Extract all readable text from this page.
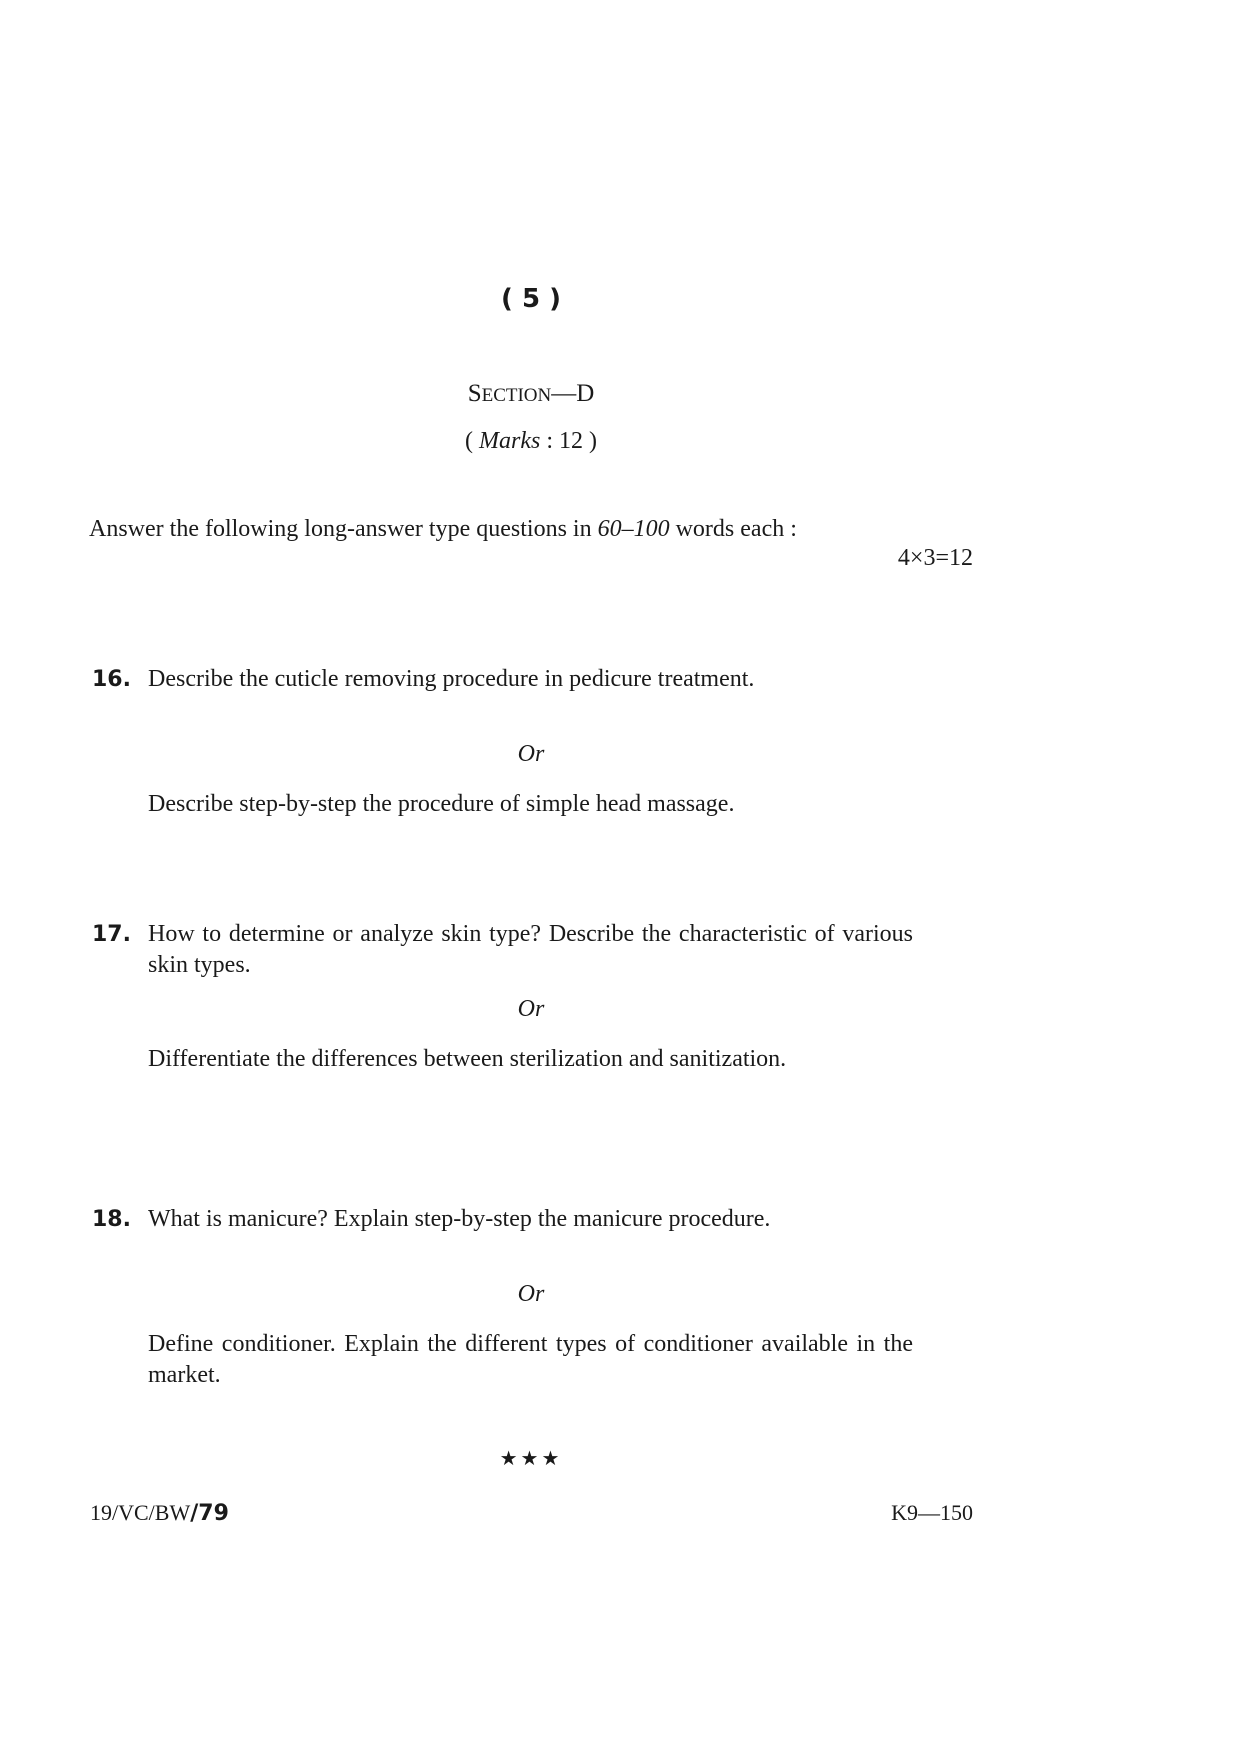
( 5 )
SECTION—D
( Marks : 12 )
Answer the following long-answer type questions in 60–100 words each :
4×3=12
16. Describe the cuticle removing procedure in pedicure treatment.
Or
Describe step-by-step the procedure of simple head massage.
17. How to determine or analyze skin type? Describe the characteristic of various skin types.
Or
Differentiate the differences between sterilization and sanitization.
18. What is manicure? Explain step-by-step the manicure procedure.
Or
Define conditioner. Explain the different types of conditioner available in the market.
★★★
19/VC/BW/79	K9—150
